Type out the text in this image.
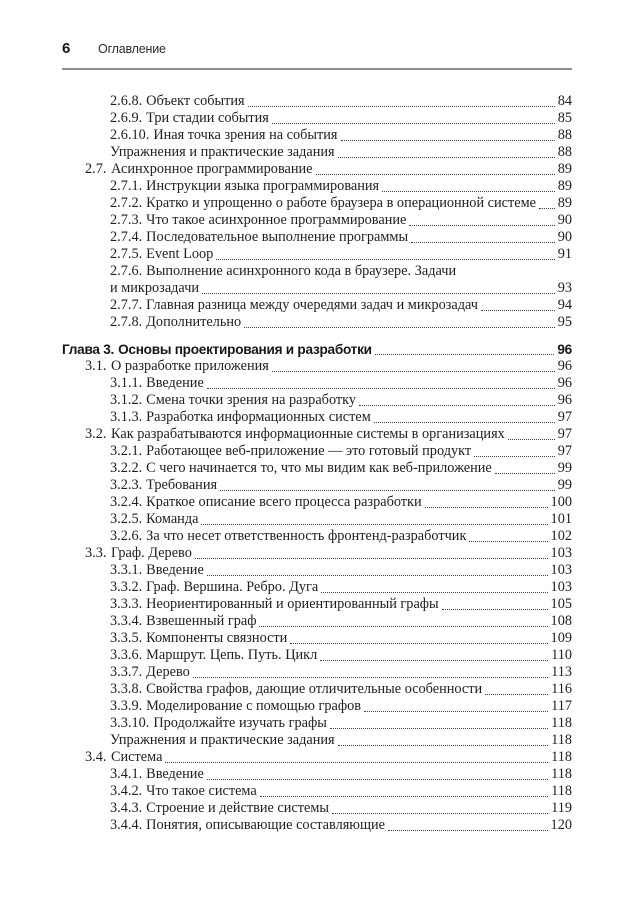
6 Оглавление
2.6.8. Объект события	84
2.6.9. Три стадии события	85
2.6.10. Иная точка зрения на события	88
Упражнения и практические задания	88
2.7. Асинхронное программирование	89
2.7.1. Инструкции языка программирования	89
2.7.2. Кратко и упрощенно о работе браузера в операционной системе 89
2.7.3. Что такое асинхронное программирование	90
2.7.4. Последовательное выполнение программы	90
2.7.5. Event Loop	91
2.7.6. Выполнение асинхронного кода в браузере. Задачи
и микрозадачи	93
2.7.7. Главная разница между очередями задач и микрозадач	94
2.7.8. Дополнительно	95
Глава 3. Основы проектирования и разработки	96
3.1. О разработке приложения	96
3.1.1. Введение	96
3.1.2. Смена точки зрения на разработку	96
3.1.3. Разработка информационных систем	97
3.2. Как разрабатываются информационные системы в организациях	97
3.2.1. Работающее веб-приложение — это готовый продукт	97
3.2.2. С чего начинается то, что мы видим как веб-приложение	99
3.2.3. Требования	99
3.2.4. Краткое описание всего процесса разработки	100
3.2.5. Команда	101
3.2.6. За что несет ответственность фронтенд-разработчик	102
3.3. Граф. Дерево	103
3.3.1. Введение	103
3.3.2. Граф. Вершина. Ребро. Дуга	103
3.3.3. Неориентированный и ориентированный графы	105
3.3.4. Взвешенный граф	108
3.3.5. Компоненты связности	109
3.3.6. Маршрут. Цепь. Путь. Цикл	110
3.3.7. Дерево	113
3.3.8. Свойства графов, дающие отличительные особенности	116
3.3.9. Моделирование с помощью графов	117
3.3.10. Продолжайте изучать графы	118
Упражнения и практические задания	118
3.4. Система	118
3.4.1. Введение	118
3.4.2. Что такое система	118
3.4.3. Строение и действие системы	119
3.4.4. Понятия, описывающие составляющие	120
